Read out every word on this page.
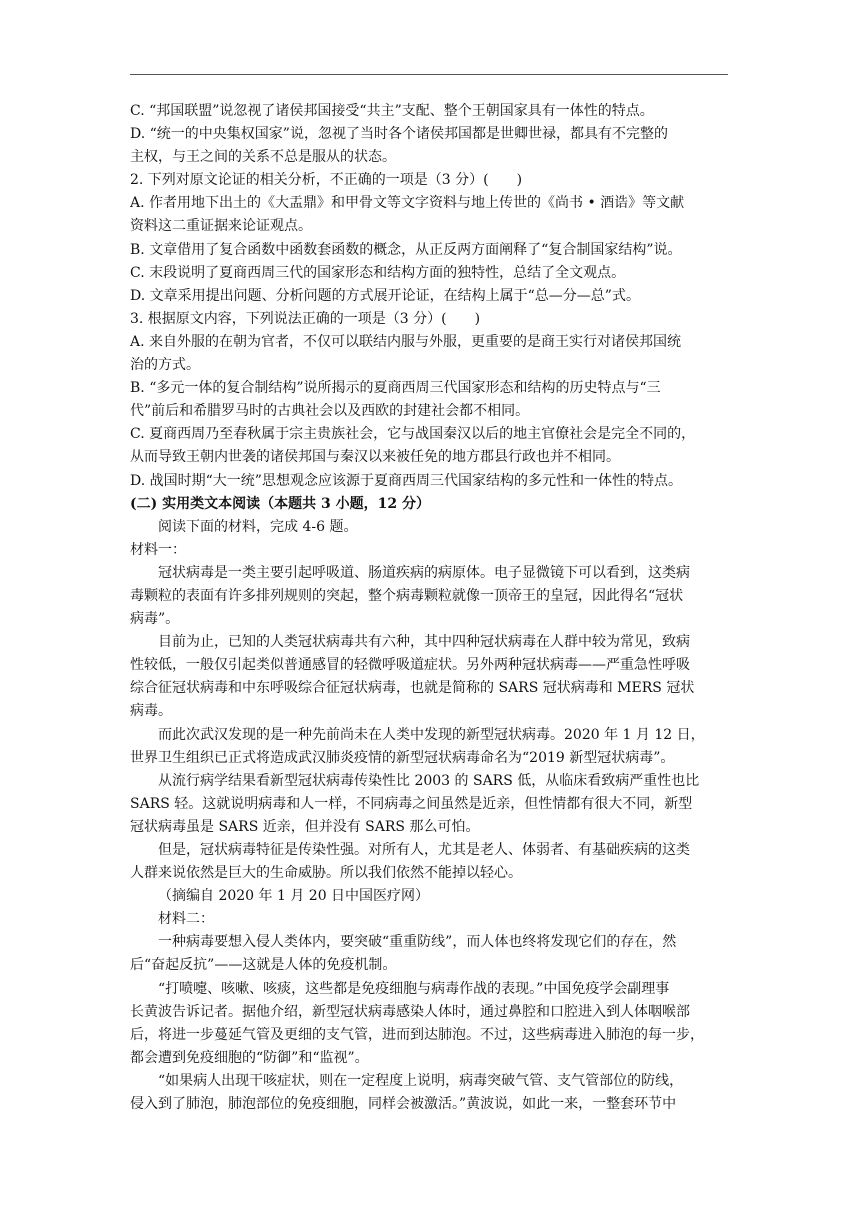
C. “邦国联盟”说忽视了诸侯邦国接受“共主”支配、整个王朝国家具有一体性的特点。
D. “统一的中央集权国家”说，忽视了当时各个诸侯邦国都是世卿世禄，都具有不完整的
主权，与王之间的关系不总是服从的状态。
2. 下列对原文论证的相关分析，不正确的一项是（3 分）(　　)
A. 作者用地下出土的《大盂鼎》和甲骨文等文字资料与地上传世的《尚书 • 酒诰》等文献
资料这二重证据来论证观点。
B. 文章借用了复合函数中函数套函数的概念，从正反两方面阐释了“复合制国家结构”说。
C. 末段说明了夏商西周三代的国家形态和结构方面的独特性，总结了全文观点。
D. 文章采用提出问题、分析问题的方式展开论证，在结构上属于“总—分—总”式。
3. 根据原文内容，下列说法正确的一项是（3 分）(　　)
A. 来自外服的在朝为官者，不仅可以联结内服与外服，更重要的是商王实行对诸侯邦国统
治的方式。
B. “多元一体的复合制结构”说所揭示的夏商西周三代国家形态和结构的历史特点与“三
代”前后和希腊罗马时的古典社会以及西欧的封建社会都不相同。
C. 夏商西周乃至春秋属于宗主贵族社会，它与战国秦汉以后的地主官僚社会是完全不同的，
从而导致王朝内世袭的诸侯邦国与秦汉以来被任免的地方郡县行政也并不相同。
D. 战国时期“大一统”思想观念应该源于夏商西周三代国家结构的多元性和一体性的特点。
(二) 实用类文本阅读（本题共 3 小题，12 分）
阅读下面的材料，完成 4-6 题。
材料一：
冠状病毒是一类主要引起呼吸道、肠道疾病的病原体。电子显微镜下可以看到，这类病
毒颗粒的表面有许多排列规则的突起，整个病毒颗粒就像一顶帝王的皇冠，因此得名“冠状
病毒”。
目前为止，已知的人类冠状病毒共有六种，其中四种冠状病毒在人群中较为常见，致病
性较低，一般仅引起类似普通感冒的轻微呼吸道症状。另外两种冠状病毒——严重急性呼吸
综合征冠状病毒和中东呼吸综合征冠状病毒，也就是简称的 SARS 冠状病毒和 MERS 冠状
病毒。
而此次武汉发现的是一种先前尚未在人类中发现的新型冠状病毒。2020 年 1 月 12 日，
世界卫生组织已正式将造成武汉肺炎疫情的新型冠状病毒命名为“2019 新型冠状病毒”。
从流行病学结果看新型冠状病毒传染性比 2003 的 SARS 低，从临床看致病严重性也比
SARS 轻。这就说明病毒和人一样，不同病毒之间虽然是近亲，但性情都有很大不同，新型
冠状病毒虽是 SARS 近亲，但并没有 SARS 那么可怕。
但是，冠状病毒特征是传染性强。对所有人，尤其是老人、体弱者、有基础疾病的这类
人群来说依然是巨大的生命威胁。所以我们依然不能掉以轻心。
（摘编自 2020 年 1 月 20 日中国医疗网）
材料二：
一种病毒要想入侵人类体内，要突破“重重防线”，而人体也终将发现它们的存在，然
后“奋起反抗”——这就是人体的免疫机制。
“打喷嚏、咳嗽、咳痰，这些都是免疫细胞与病毒作战的表现。”中国免疫学会副理事
长黄波告诉记者。据他介绍，新型冠状病毒感染人体时，通过鼻腔和口腔进入到人体咽喉部
后，将进一步蔓延气管及更细的支气管，进而到达肺泡。不过，这些病毒进入肺泡的每一步，
都会遭到免疫细胞的“防御”和“监视”。
“如果病人出现干咳症状，则在一定程度上说明，病毒突破气管、支气管部位的防线，
侵入到了肺泡，肺泡部位的免疫细胞，同样会被激活。”黄波说，如此一来，一整套环节中
